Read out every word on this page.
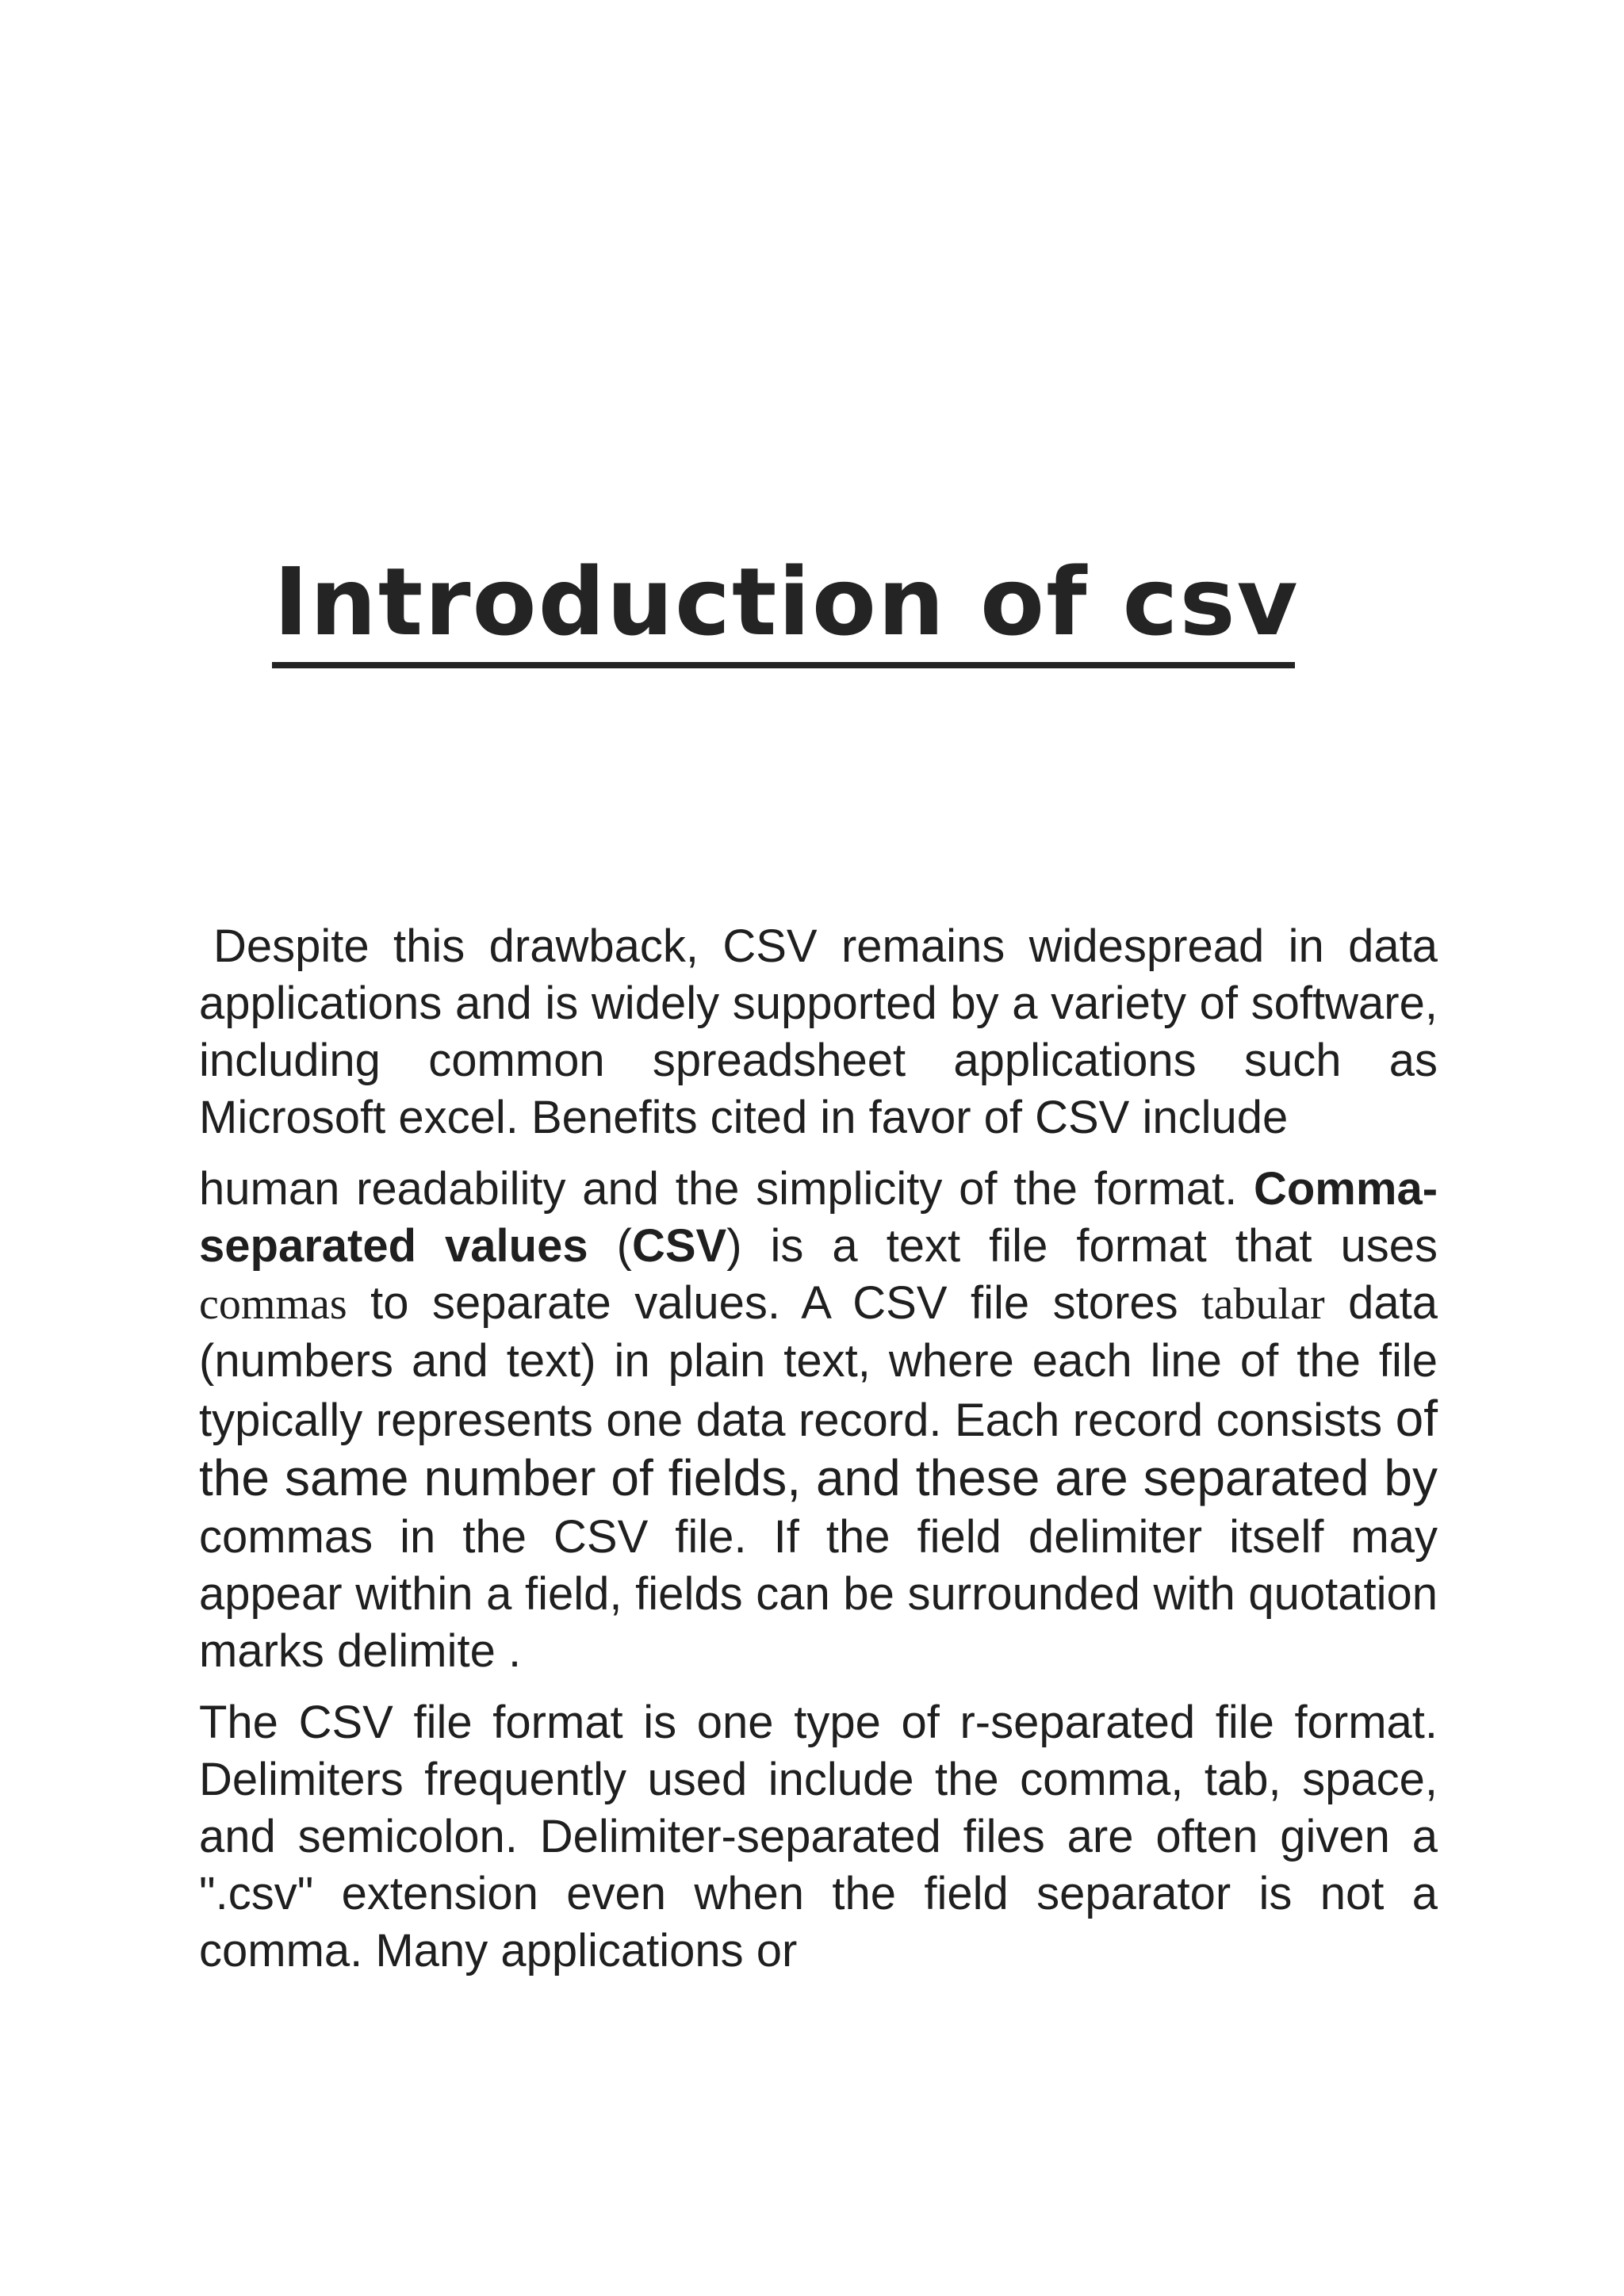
Introduction of csv

Despite this drawback, CSV remains widespread in data applications and is widely supported by a variety of software, including common spreadsheet applications such as Microsoft excel. Benefits cited in favor of CSV include

human readability and the simplicity of the format. Comma-separated values (CSV) is a text file format that uses commas to separate values. A CSV file stores tabular data (numbers and text) in plain text, where each line of the file typically represents one data record. Each record consists of the same number of fields, and these are separated by commas in the CSV file. If the field delimiter itself may appear within a field, fields can be surrounded with quotation marks delimite .

The CSV file format is one type of r-separated file format. Delimiters frequently used include the comma, tab, space, and semicolon. Delimiter-separated files are often given a ".csv" extension even when the field separator is not a comma. Many applications or
